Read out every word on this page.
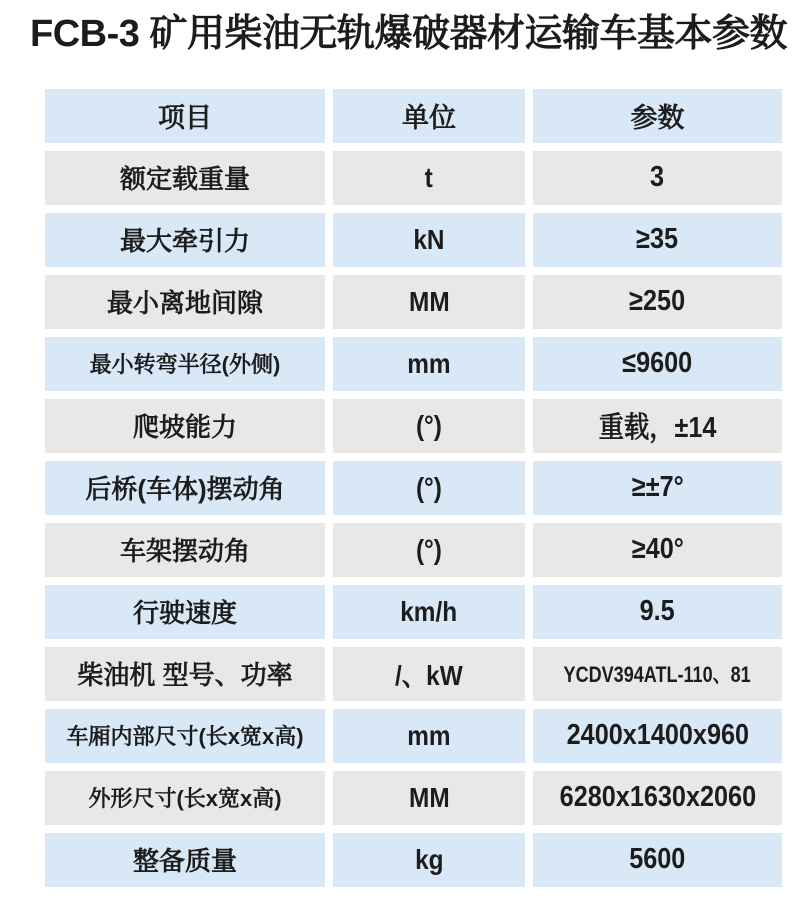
FCB-3 矿用柴油无轨爆破器材运输车基本参数
项目	单位	参数
额定载重量	t	3
最大牵引力	kN	≥35
最小离地间隙	MM	≥250
最小转弯半径(外侧)	mm	≤9600
爬坡能力	(°)	重载，±14
后桥(车体)摆动角	(°)	≥±7°
车架摆动角	(°)	≥40°
行驶速度	km/h	9.5
柴油机 型号、功率	/、kW	YCDV394ATL-110、81
车厢内部尺寸(长x宽x高)	mm	2400x1400x960
外形尺寸(长x宽x高)	MM	6280x1630x2060
整备质量	kg	5600
